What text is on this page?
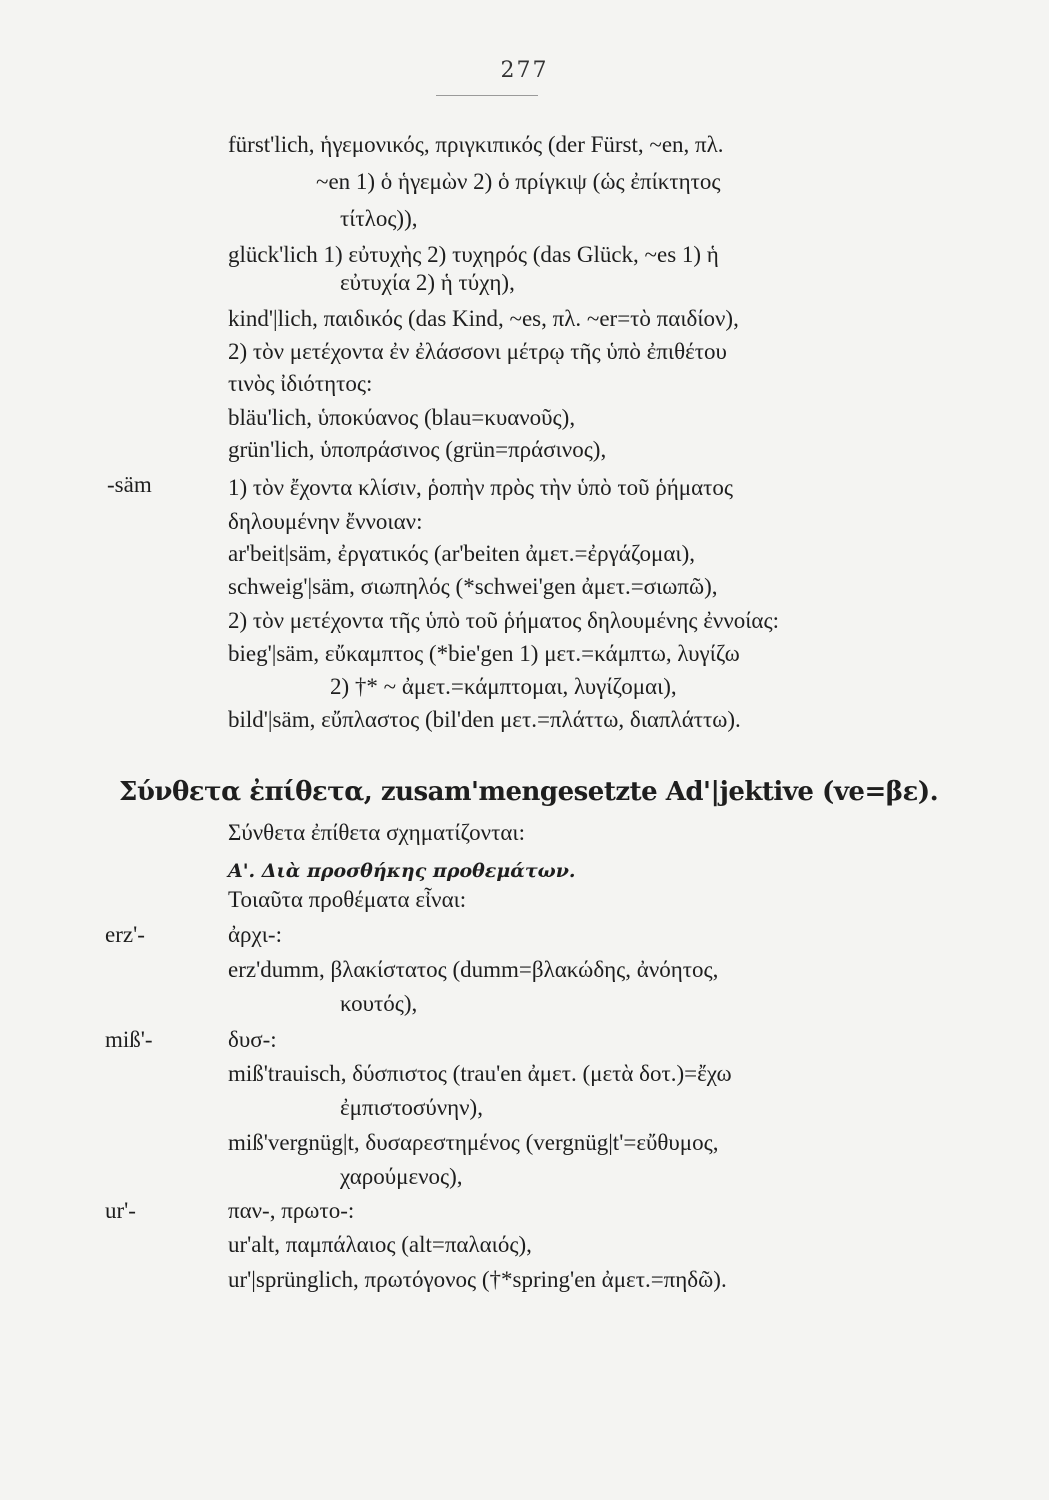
277
fürst'lich, ἡγεμονικός, πριγκιπικός (der Fürst, ~en, πλ.
~en 1) ὁ ἡγεμὼν 2) ὁ πρίγκιψ (ὡς ἐπίκτητος
τίτλος)),
glück'lich 1) εὐτυχὴς 2) τυχηρός (das Glück, ~es 1) ἡ
εὐτυχία 2) ἡ τύχη),
kind'|lich, παιδικός (das Kind, ~es, πλ. ~er=τὸ παιδίον),
2) τὸν μετέχοντα ἐν ἐλάσσονι μέτρῳ τῆς ὑπὸ ἐπιθέτου
τινὸς ἰδιότητος:
bläu'lich, ὑποκύανος (blau=κυανοῦς),
grün'lich, ὑποπράσινος (grün=πράσινος),
-säm	1) τὸν ἔχοντα κλίσιν, ῥοπὴν πρὸς τὴν ὑπὸ τοῦ ῥήματος
δηλουμένην ἔννοιαν:
ar'beit|säm, ἐργατικός (ar'beiten ἀμετ.=ἐργάζομαι),
schweig'|säm, σιωπηλός (*schwei'gen ἀμετ.=σιωπῶ),
2) τὸν μετέχοντα τῆς ὑπὸ τοῦ ῥήματος δηλουμένης ἐννοίας:
bieg'|säm, εὔκαμπτος (*bie'gen 1) μετ.=κάμπτω, λυγίζω
2) †* ~ ἀμετ.=κάμπτομαι, λυγίζομαι),
bild'|säm, εὔπλαστος (bil'den μετ.=πλάττω, διαπλάττω).
Σύνθετα ἐπίθετα, zusam'mengesetzte Ad'|jektive (ve=βε).
Σύνθετα ἐπίθετα σχηματίζονται:
Α'. Διὰ προσθήκης προθεμάτων.
Τοιαῦτα προθέματα εἶναι:
erz'-	ἀρχι-:
erz'dumm, βλακίστατος (dumm=βλακώδης, ἀνόητος,
κουτός),
miß'-	δυσ-:
miß'trauisch, δύσπιστος (trau'en ἀμετ. (μετὰ δοτ.)=ἔχω
ἐμπιστοσύνην),
miß'vergnüg|t, δυσαρεστημένος (vergnüg|t'=εὔθυμος,
χαρούμενος),
ur'-	παν-, πρωτο-:
ur'alt, παμπάλαιος (alt=παλαιός),
ur'|sprünglich, πρωτόγονος (†*spring'en ἀμετ.=πηδῶ).
